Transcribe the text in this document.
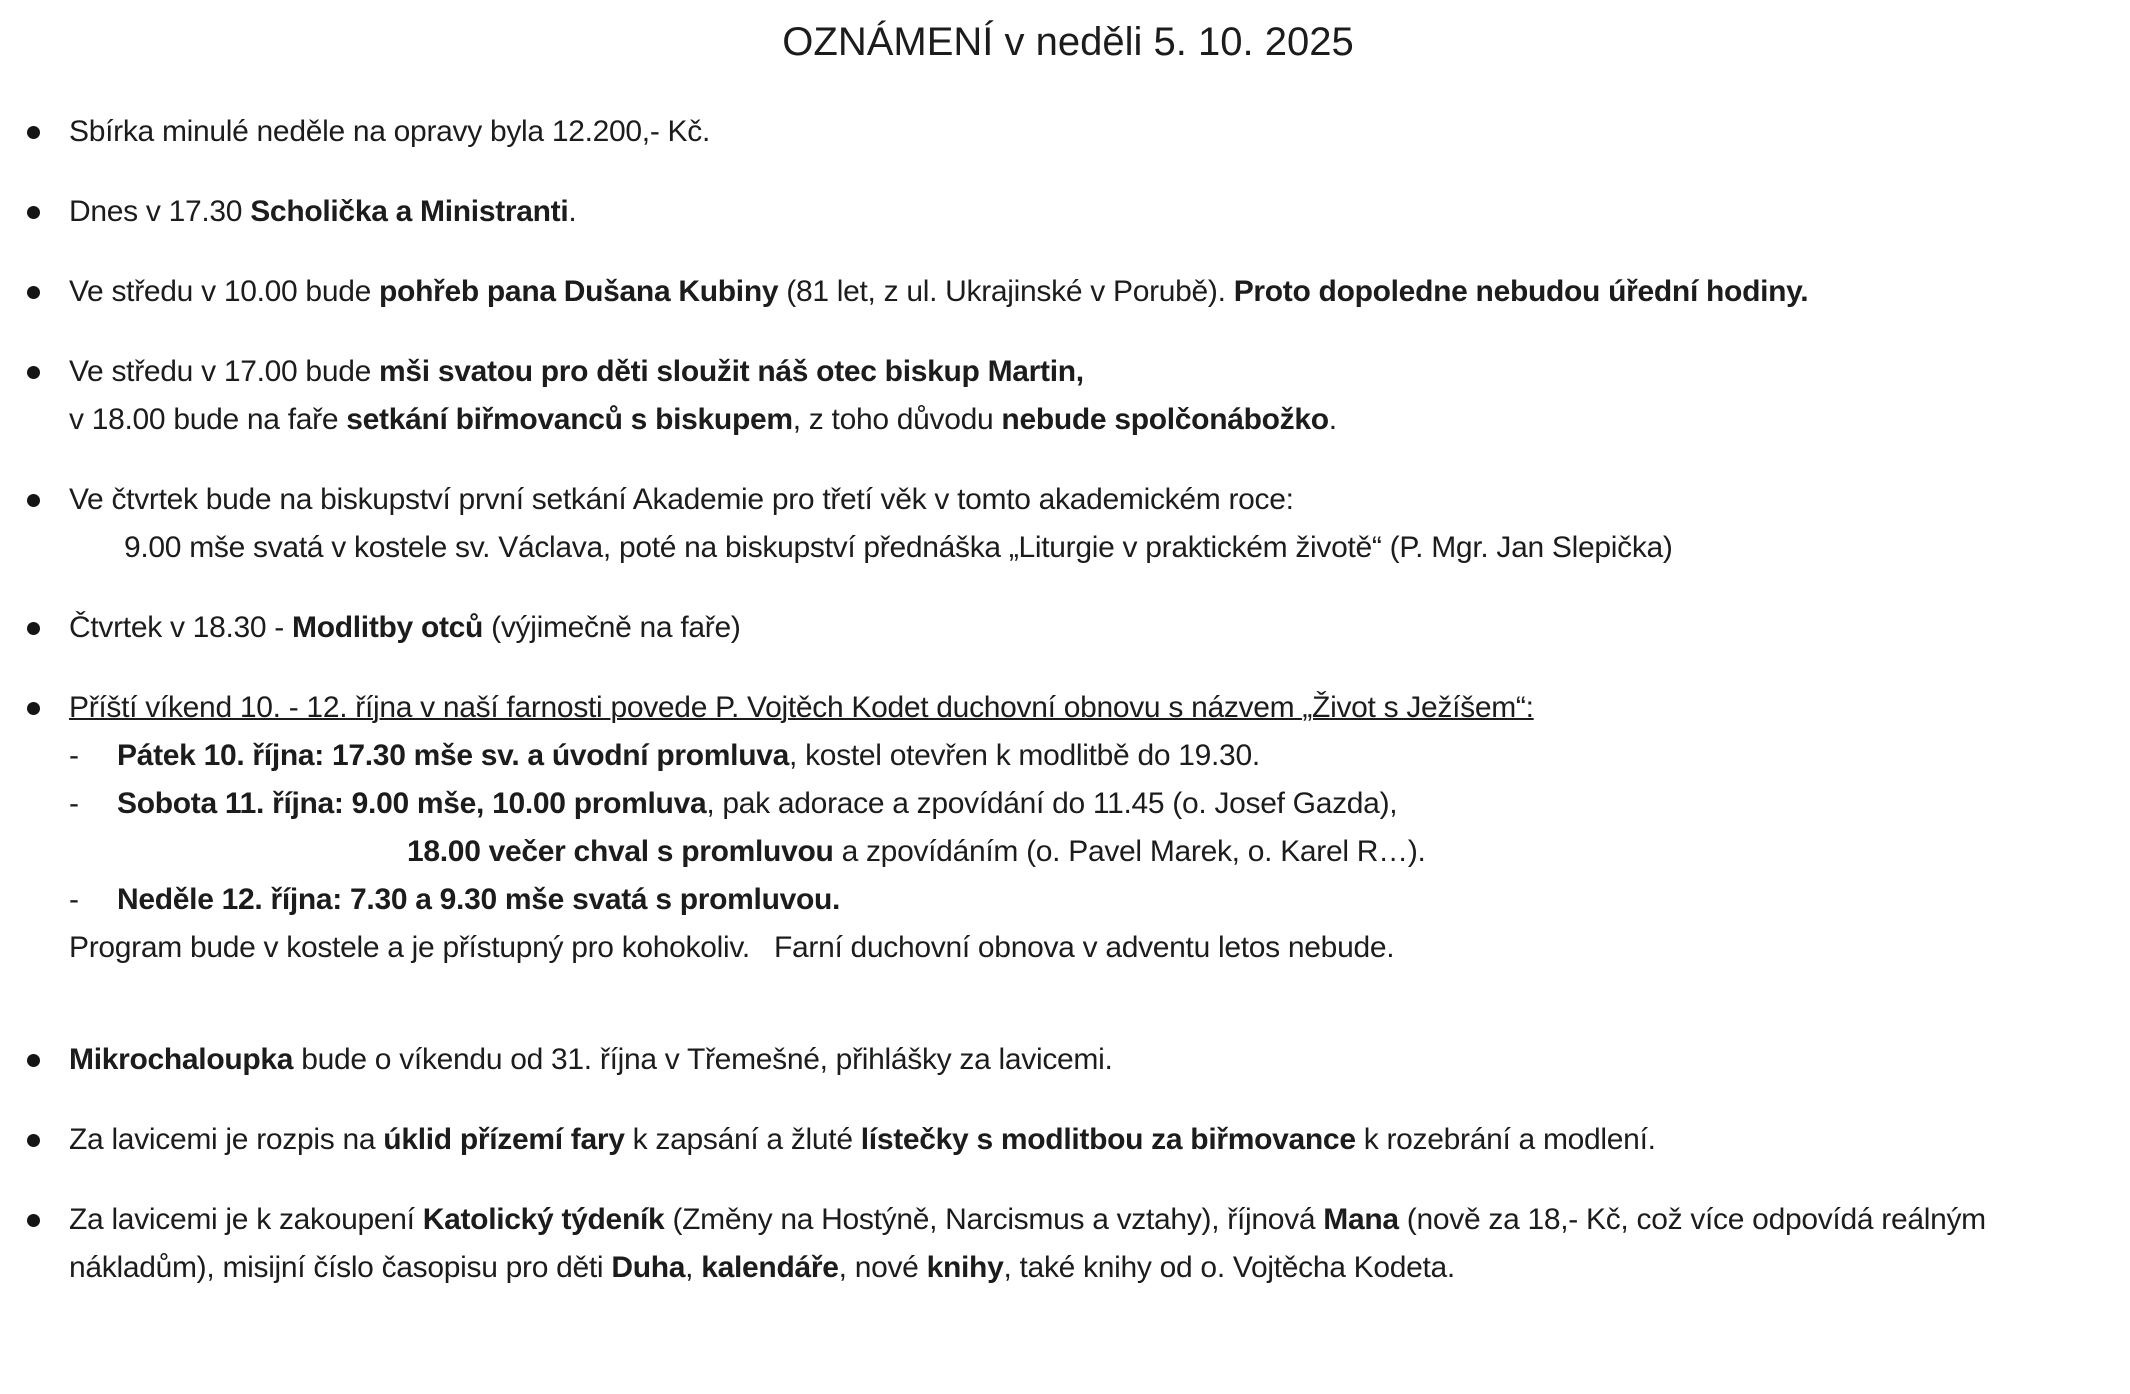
OZNÁMENÍ v neděli 5. 10. 2025
Sbírka minulé neděle na opravy byla 12.200,- Kč.
Dnes v 17.30 Scholička a Ministranti.
Ve středu v 10.00 bude pohřeb pana Dušana Kubiny (81 let, z ul. Ukrajinské v Porubě). Proto dopoledne nebudou úřední hodiny.
Ve středu v 17.00 bude mši svatou pro děti sloužit náš otec biskup Martin,
v 18.00 bude na faře setkání biřmovanců s biskupem, z toho důvodu nebude spolčonábožko.
Ve čtvrtek bude na biskupství první setkání Akademie pro třetí věk v tomto akademickém roce:
9.00 mše svatá v kostele sv. Václava, poté na biskupství přednáška „Liturgie v praktickém životě“ (P. Mgr. Jan Slepička)
Čtvrtek v 18.30 - Modlitby otců (výjimečně na faře)
Příští víkend 10. - 12. října v naší farnosti povede P. Vojtěch Kodet duchovní obnovu s názvem „Život s Ježíšem“:
-	Pátek 10. října: 17.30 mše sv. a úvodní promluva, kostel otevřen k modlitbě do 19.30.
-	Sobota 11. října: 9.00 mše, 10.00 promluva, pak adorace a zpovídání do 11.45 (o. Josef Gazda),
18.00 večer chval s promluvou a zpovídáním (o. Pavel Marek, o. Karel R…).
-	Neděle 12. října: 7.30 a 9.30 mše svatá s promluvou.
Program bude v kostele a je přístupný pro kohokoliv.   Farní duchovní obnova v adventu letos nebude.
Mikrochaloupka bude o víkendu od 31. října v Třemešné, přihlášky za lavicemi.
Za lavicemi je rozpis na úklid přízemí fary k zapsání a žluté lístečky s modlitbou za biřmovance k rozebrání a modlení.
Za lavicemi je k zakoupení Katolický týdeník (Změny na Hostýně, Narcismus a vztahy), říjnová Mana (nově za 18,- Kč, což více odpovídá reálným nákladům), misijní číslo časopisu pro děti Duha, kalendáře, nové knihy, také knihy od o. Vojtěcha Kodeta.
